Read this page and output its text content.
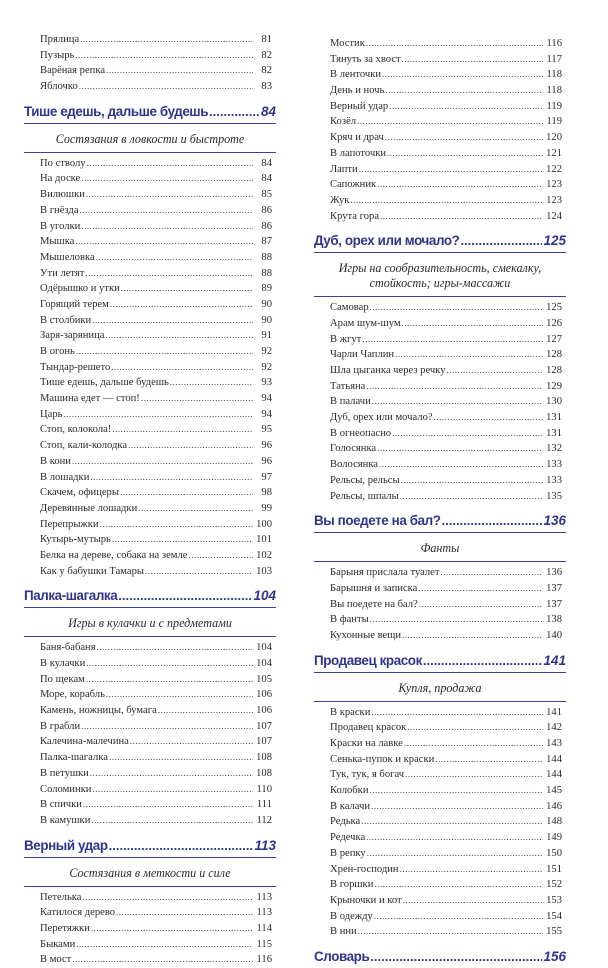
Прялица .....	81
Пузырь .....	82
Варёная репка .....	82
Яблочко .....	83
Тише едешь, дальше будешь .....	84
Состязания в ловкости и быстроте
По стволу .....	84
На доске .....	84
Вилюшки .....	85
В гнёзда .....	86
В уголки .....	86
Мышка .....	87
Мышеловка .....	88
Ути летят .....	88
Одёрышко и утки .....	89
Горящий терем .....	90
В столбики .....	90
Заря-заряница .....	91
В огонь .....	92
Тындар-решето .....	92
Тише едешь, дальше будешь .....	93
Машина едет — стоп! .....	94
Царь .....	94
Стоп, колокола! .....	95
Стоп, кали-колодка .....	96
В кони .....	96
В лошадки .....	97
Скачем, офицеры .....	98
Деревянные лошадки .....	99
Перепрыжки .....	100
Кутырь-мутырь .....	101
Белка на дереве, собака на земле .....	102
Как у бабушки Тамары .....	103
Палка-шагалка .....	104
Игры в кулачки и с предметами
Баня-бабаня .....	104
В кулачки .....	104
По щекам .....	105
Море, корабль .....	106
Камень, ножницы, бумага .....	106
В грабли .....	107
Калечина-малечина .....	107
Палка-шагалка .....	108
В петушки .....	108
Соломинки .....	110
В спички .....	111
В камушки .....	112
Верный удар .....	113
Состязания в меткости и силе
Петелька .....	113
Катилося дерево .....	113
Перетяжки .....	114
Быками .....	115
В мост .....	116
Мостик .....	116
Тянуть за хвост .....	117
В ленточки .....	118
День и ночь .....	118
Верный удар .....	119
Козёл .....	119
Кряч и драч .....	120
В лапоточки .....	121
Лапти .....	122
Сапожник .....	123
Жук .....	123
Крута гора .....	124
Дуб, орех или мочало? .....	125
Игры на сообразительность, смекалку, стойкость; игры-массажи
Самовар .....	125
Арам шум-шум .....	126
В жгут .....	127
Чарли Чаплин .....	128
Шла цыганка через речку .....	128
Татьяна .....	129
В палачи .....	130
Дуб, орех или мочало? .....	131
В огнеопасно .....	131
Голосянка .....	132
Волосянка .....	133
Рельсы, рельсы .....	133
Рельсы, шпалы .....	135
Вы поедете на бал? .....	136
Фанты
Барыня прислала туалет .....	136
Барышня и записка .....	137
Вы поедете на бал? .....	137
В фанты .....	138
Кухонные вещи .....	140
Продавец красок .....	141
Купля, продажа
В краски .....	141
Продавец красок .....	142
Краски на лавке .....	143
Сенька-пупок и краски .....	144
Тук, тук, я богач .....	144
Колобки .....	145
В калачи .....	146
Редька .....	148
Редечка .....	149
В репку .....	150
Хрен-господин .....	151
В горшки .....	152
Крыночки и кот .....	153
В одежду .....	154
В нни .....	155
Словарь .....	156
